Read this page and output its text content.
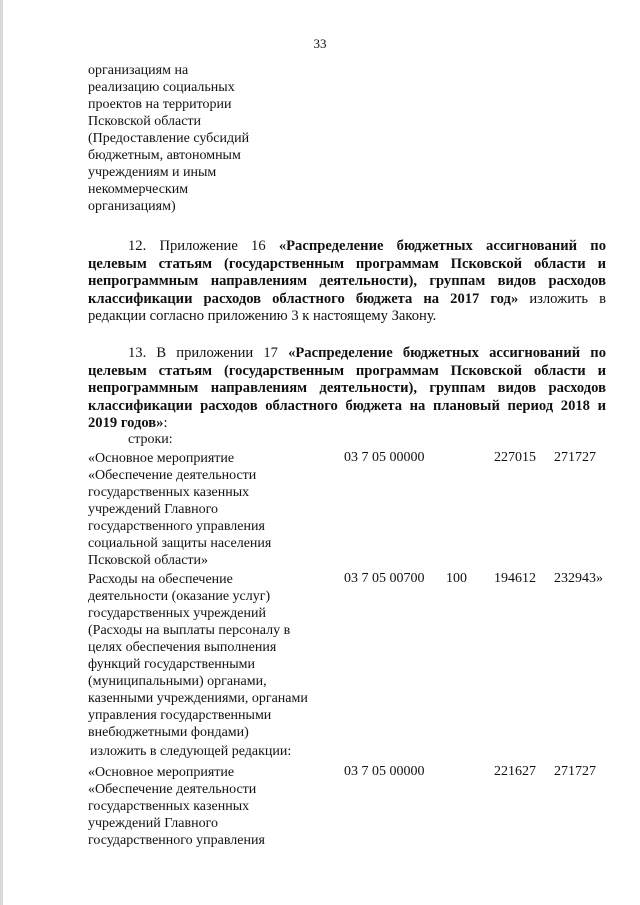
33
организациям на
реализацию социальных
проектов на территории
Псковской области
(Предоставление субсидий
бюджетным, автономным
учреждениям и иным
некоммерческим
организациям)
12. Приложение 16 «Распределение бюджетных ассигнований по целевым статьям (государственным программам Псковской области и непрограммным направлениям деятельности), группам видов расходов классификации расходов областного бюджета на 2017 год» изложить в редакции согласно приложению 3 к настоящему Закону.
13. В приложении 17 «Распределение бюджетных ассигнований по целевым статьям (государственным программам Псковской области и непрограммным направлениям деятельности), группам видов расходов классификации расходов областного бюджета на плановый период 2018 и 2019 годов»:
строки:
«Основное мероприятие
«Обеспечение деятельности
государственных казенных
учреждений Главного
государственного управления
социальной защиты населения
Псковской области»
03 7 05 00000	227015 271727
Расходы на обеспечение
деятельности (оказание услуг)
государственных учреждений
(Расходы на выплаты персоналу в
целях обеспечения выполнения
функций государственными
(муниципальными) органами,
казенными учреждениями, органами
управления государственными
внебюджетными фондами)
03 7 05 00700 100 194612 232943»
изложить в следующей редакции:
«Основное мероприятие
«Обеспечение деятельности
государственных казенных
учреждений Главного
государственного управления
03 7 05 00000	221627 271727
